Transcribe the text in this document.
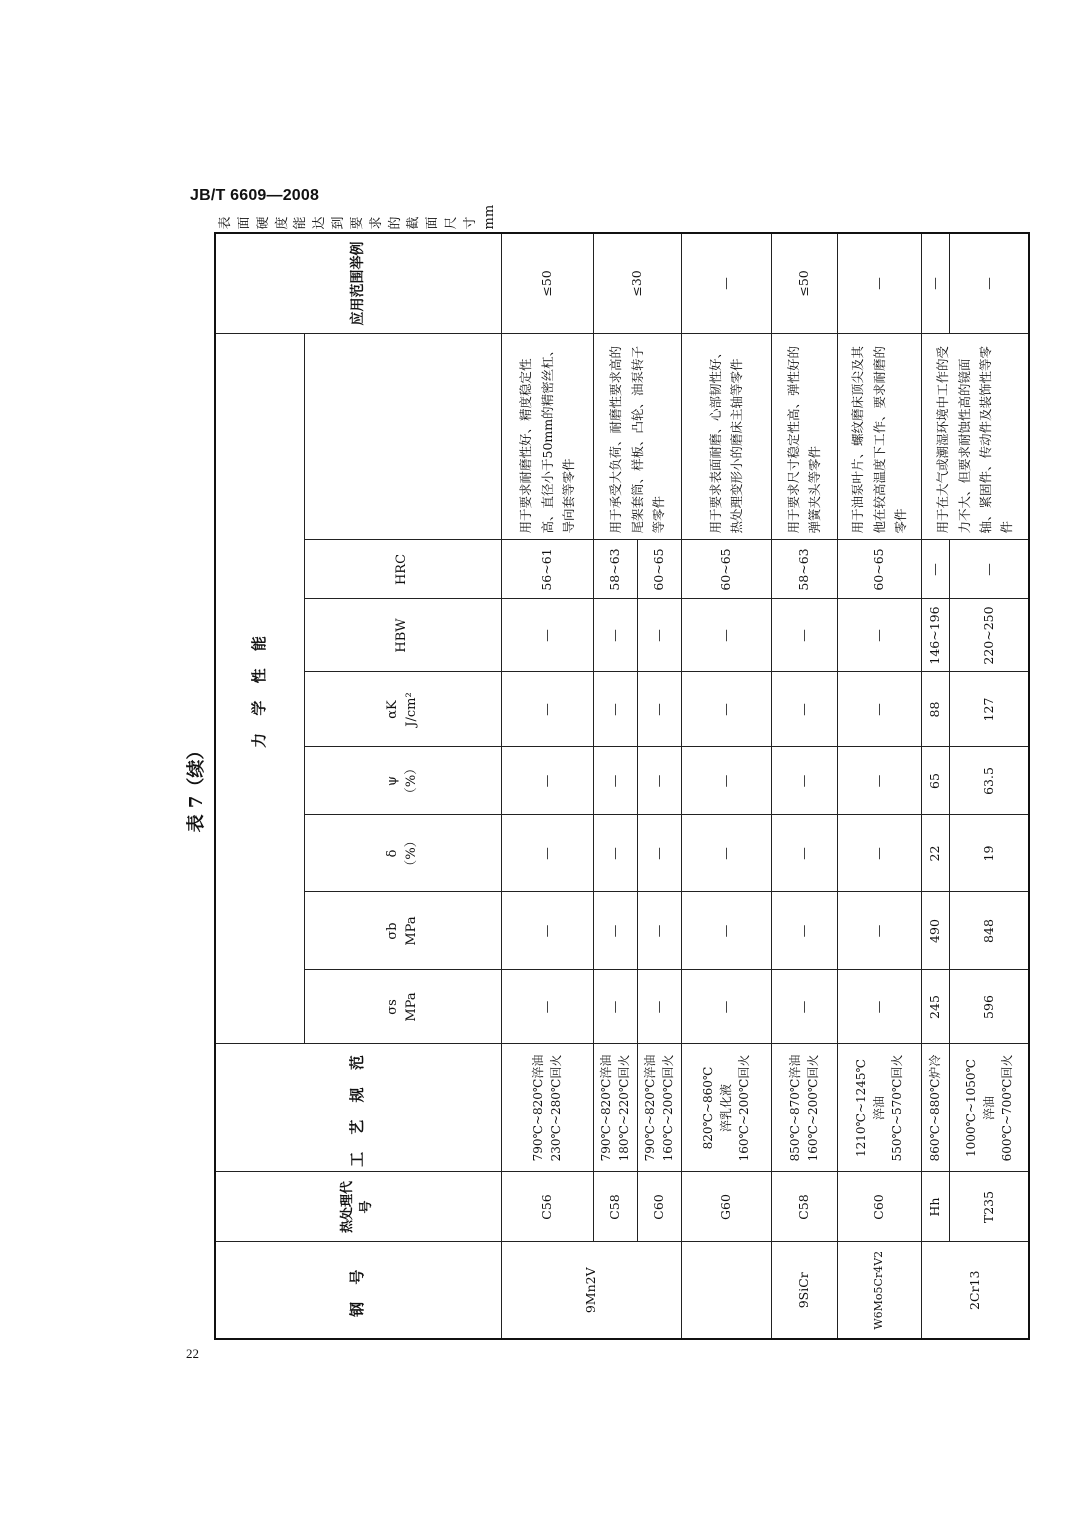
JB/T 6609—2008
22
表 7（续）
钢 号	热处理代号	工 艺 规 范	力 学 性 能								应用范围举例	表面硬度能 达到要求的 截面尺寸 mm

			σs MPa	σb MPa	δ （%）	ψ （%）	αK J/cm²	HBW	HRC			
9Mn2V	C56	790℃~820℃淬油 230℃~280℃回火	—	—	—	—	—	—	56~61	用于要求耐磨性好、精度稳定性高、直径小于50mm的精密丝杠、导向套等零件	≤50	
	C58	790℃~820℃淬油 180℃~220℃回火	—	—	—	—	—	—	58~63	用于承受大负荷、耐磨性要求高的尾架套筒、样板、凸轮、油泵转子等零件	≤30	
	C60	790℃~820℃淬油 160℃~200℃回火	—	—	—	—	—	—	60~65			
	G60	820℃~860℃ 淬乳化液 160℃~200℃回火	—	—	—	—	—	—	60~65	用于要求表面耐磨、心部韧性好、热处理变形小的磨床主轴等零件	—	
9SiCr	C58	850℃~870℃淬油 160℃~200℃回火	—	—	—	—	—	—	58~63	用于要求尺寸稳定性高、弹性好的弹簧夹头等零件	≤50	
W6Mo5Cr4V2	C60	1210℃~1245℃ 淬油 550℃~570℃回火	—	—	—	—	—	—	60~65	用于油泵叶片、螺纹磨床顶尖及其他在较高温度下工作、要求耐磨的零件	—	
2Cr13	Hh	860℃~880℃炉冷	245	490	22	65	88	146~196	—	用于在大气或潮湿环境中工作的受力不大、但要求耐蚀性高的镜面轴、紧固件、传动件及装饰性等零件	—	
	T235	1000℃~1050℃ 淬油 600℃~700℃回火	596	848	19	63.5	127	220~250	—		—	
